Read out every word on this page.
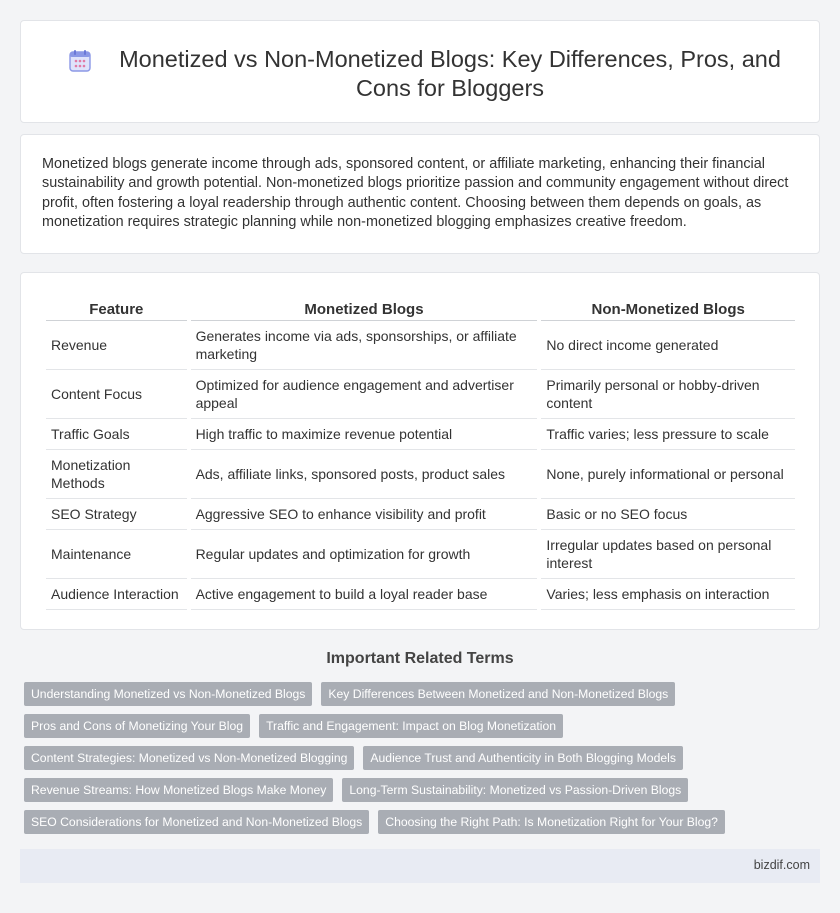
Monetized vs Non-Monetized Blogs: Key Differences, Pros, and Cons for Bloggers

Monetized blogs generate income through ads, sponsored content, or affiliate marketing, enhancing their financial sustainability and growth potential. Non-monetized blogs prioritize passion and community engagement without direct profit, often fostering a loyal readership through authentic content. Choosing between them depends on goals, as monetization requires strategic planning while non-monetized blogging emphasizes creative freedom.

Feature	Monetized Blogs	Non-Monetized Blogs
Revenue	Generates income via ads, sponsorships, or affiliate marketing	No direct income generated
Content Focus	Optimized for audience engagement and advertiser appeal	Primarily personal or hobby-driven content
Traffic Goals	High traffic to maximize revenue potential	Traffic varies; less pressure to scale
Monetization Methods	Ads, affiliate links, sponsored posts, product sales	None, purely informational or personal
SEO Strategy	Aggressive SEO to enhance visibility and profit	Basic or no SEO focus
Maintenance	Regular updates and optimization for growth	Irregular updates based on personal interest
Audience Interaction	Active engagement to build a loyal reader base	Varies; less emphasis on interaction
Important Related Terms
Understanding Monetized vs Non-Monetized Blogs	Key Differences Between Monetized and Non-Monetized Blogs
Pros and Cons of Monetizing Your Blog	Traffic and Engagement: Impact on Blog Monetization
Content Strategies: Monetized vs Non-Monetized Blogging	Audience Trust and Authenticity in Both Blogging Models
Revenue Streams: How Monetized Blogs Make Money	Long-Term Sustainability: Monetized vs Passion-Driven Blogs
SEO Considerations for Monetized and Non-Monetized Blogs	Choosing the Right Path: Is Monetization Right for Your Blog?
bizdif.com
